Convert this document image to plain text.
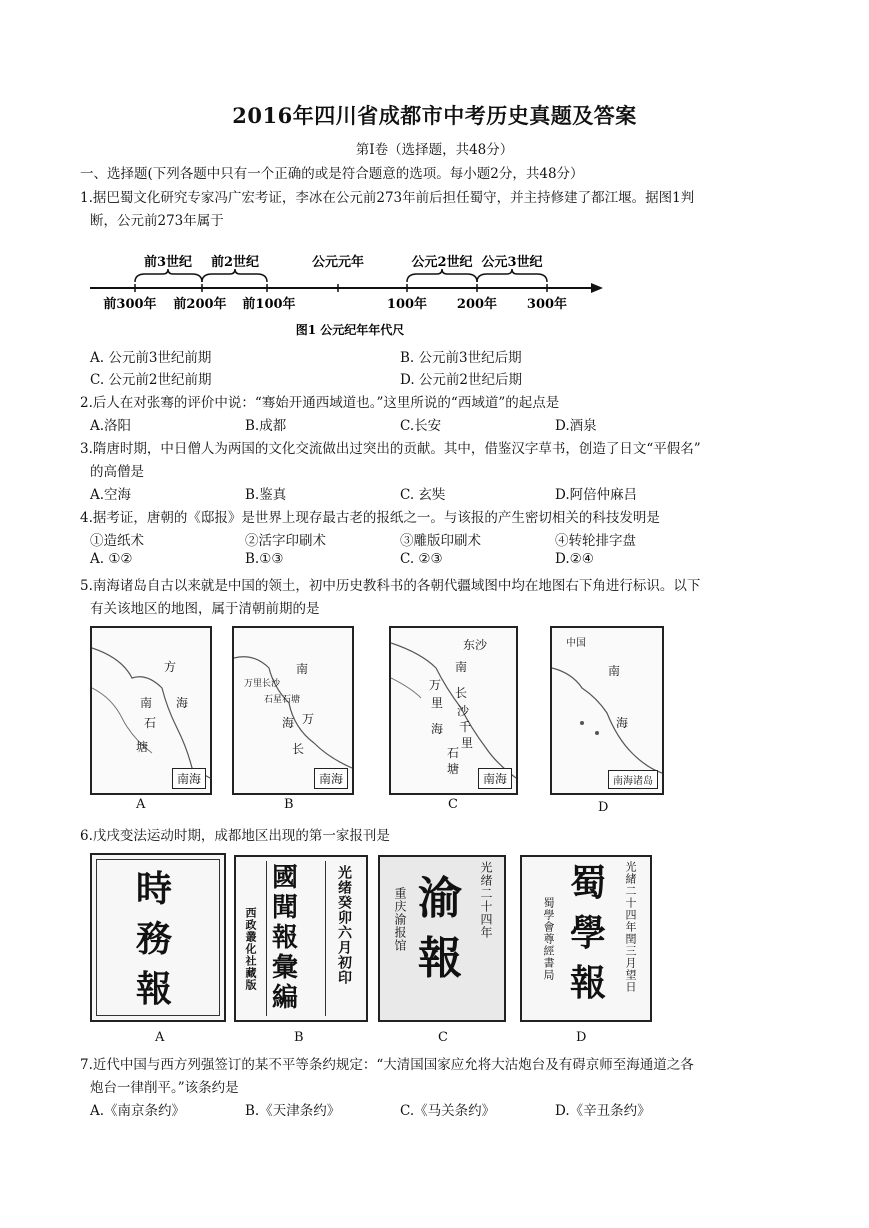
2016年四川省成都市中考历史真题及答案
第Ⅰ卷（选择题，共48分）
一、选择题(下列各题中只有一个正确的或是符合题意的选项。每小题2分，共48分）
1.据巴蜀文化研究专家冯广宏考证，李冰在公元前273年前后担任蜀守，并主持修建了都江堰。据图1判
断，公元前273年属于
前3世纪 前2世纪	公元元年	公元2世纪 公元3世纪
前300年 前200年 前100年	100年 200年 300年
图1 公元纪年年代尺
A. 公元前3世纪前期	B. 公元前3世纪后期
C. 公元前2世纪前期	D. 公元前2世纪后期
2.后人在对张骞的评价中说：“骞始开通西域道也。”这里所说的“西域道”的起点是
A.洛阳	B.成都	C.长安	D.酒泉
3.隋唐时期，中日僧人为两国的文化交流做出过突出的贡献。其中，借鉴汉字草书，创造了日文“平假名”
的高僧是
A.空海	B.鉴真	C. 玄奘	D.阿倍仲麻吕
4.据考证，唐朝的《邸报》是世界上现存最古老的报纸之一。与该报的产生密切相关的科技发明是
①造纸术	②活字印刷术	③雕版印刷术	④转轮排字盘
A. ①②	B.①③	C. ②③	D.②④
5.南海诸岛自古以来就是中国的领土，初中历史教科书的各朝代疆域图中均在地图右下角进行标识。以下
有关该地区的地图，属于清朝前期的是
方
海
南
石
塘
南海
A
南
万里长沙
石星石塘
海 万
长
南海
B
东沙
南
万
里
长
沙
千
里
海
石
塘
南海
C
中国
南
海
南海诸岛
D
6.戊戌变法运动时期，成都地区出现的第一家报刊是
時
務
報
A
國
聞
報
彙
編
光绪癸卯六月初印
西政叢化社藏版
B
渝
報
光绪二十四年
重庆渝报馆
C
蜀
學
報 光緒二十四年閏三月望日
蜀學會尊經書局
D
7.近代中国与西方列强签订的某不平等条约规定：“大清国国家应允将大沽炮台及有碍京师至海通道之各
炮台一律削平。”该条约是
A.《南京条约》	B.《天津条约》	C.《马关条约》	D.《辛丑条约》
